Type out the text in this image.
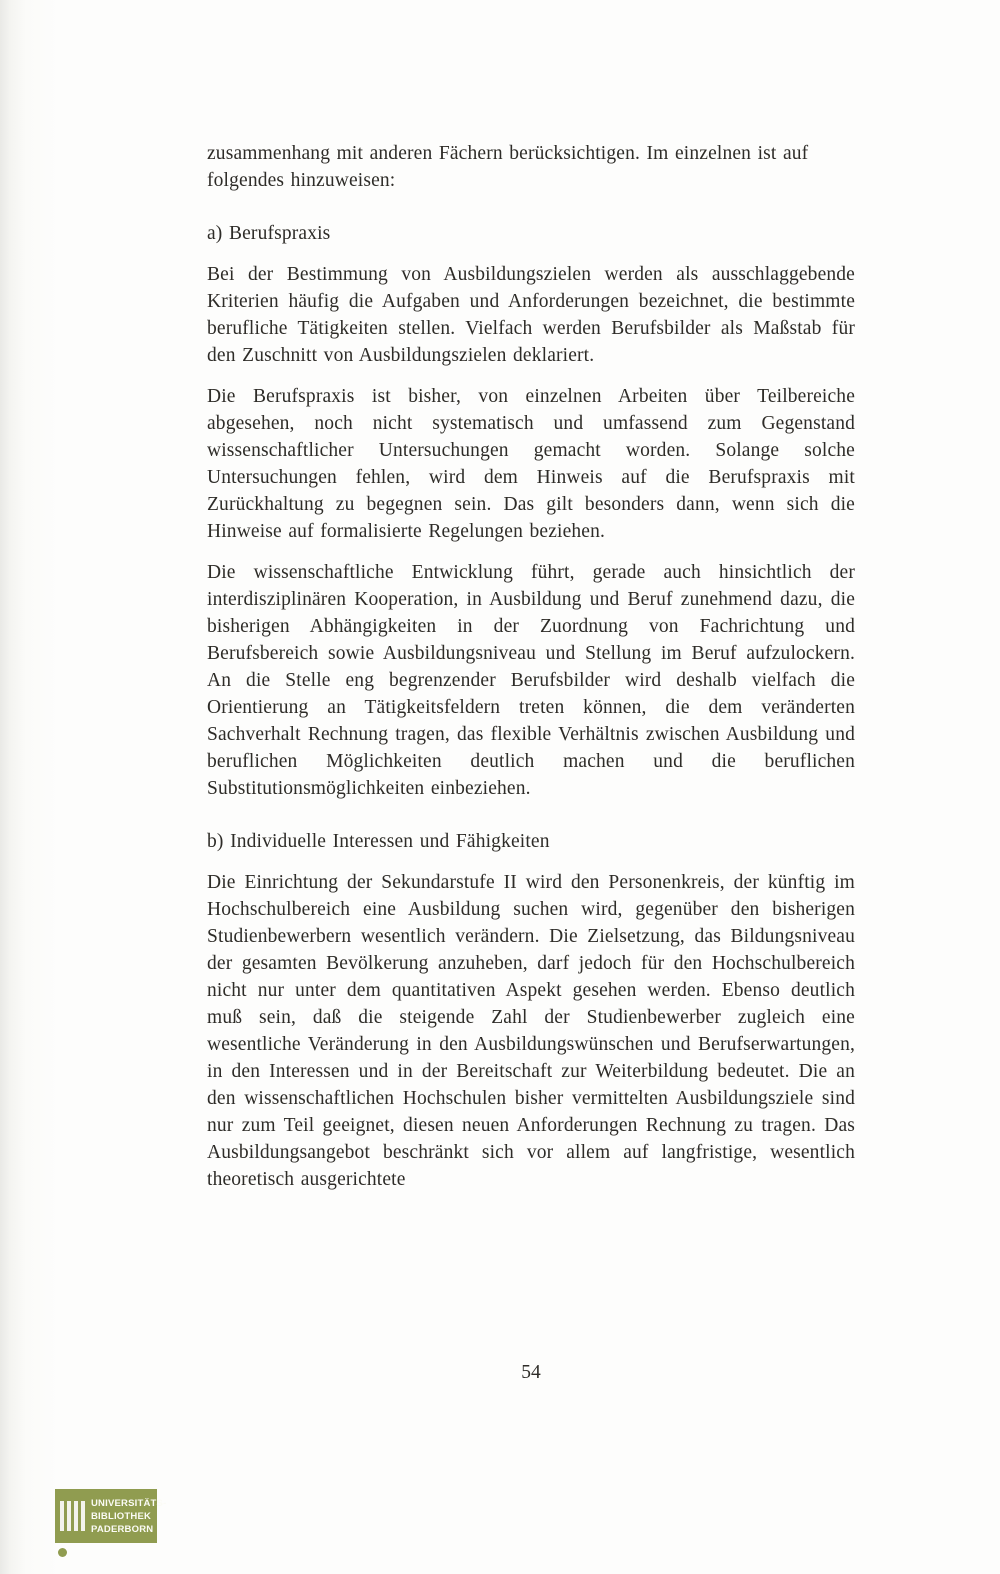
zusammenhang mit anderen Fächern berücksichtigen. Im einzelnen ist auf folgendes hinzuweisen:

a) Berufspraxis

Bei der Bestimmung von Ausbildungszielen werden als ausschlaggebende Kriterien häufig die Aufgaben und Anforderungen bezeichnet, die bestimmte berufliche Tätigkeiten stellen. Vielfach werden Berufsbilder als Maßstab für den Zuschnitt von Ausbildungszielen deklariert.

Die Berufspraxis ist bisher, von einzelnen Arbeiten über Teilbereiche abgesehen, noch nicht systematisch und umfassend zum Gegenstand wissenschaftlicher Untersuchungen gemacht worden. Solange solche Untersuchungen fehlen, wird dem Hinweis auf die Berufspraxis mit Zurückhaltung zu begegnen sein. Das gilt besonders dann, wenn sich die Hinweise auf formalisierte Regelungen beziehen.

Die wissenschaftliche Entwicklung führt, gerade auch hinsichtlich der interdisziplinären Kooperation, in Ausbildung und Beruf zunehmend dazu, die bisherigen Abhängigkeiten in der Zuordnung von Fachrichtung und Berufsbereich sowie Ausbildungsniveau und Stellung im Beruf aufzulockern. An die Stelle eng begrenzender Berufsbilder wird deshalb vielfach die Orientierung an Tätigkeitsfeldern treten können, die dem veränderten Sachverhalt Rechnung tragen, das flexible Verhältnis zwischen Ausbildung und beruflichen Möglichkeiten deutlich machen und die beruflichen Substitutionsmöglichkeiten einbeziehen.

b) Individuelle Interessen und Fähigkeiten

Die Einrichtung der Sekundarstufe II wird den Personenkreis, der künftig im Hochschulbereich eine Ausbildung suchen wird, gegenüber den bisherigen Studienbewerbern wesentlich verändern. Die Zielsetzung, das Bildungsniveau der gesamten Bevölkerung anzuheben, darf jedoch für den Hochschulbereich nicht nur unter dem quantitativen Aspekt gesehen werden. Ebenso deutlich muß sein, daß die steigende Zahl der Studienbewerber zugleich eine wesentliche Veränderung in den Ausbildungswünschen und Berufserwartungen, in den Interessen und in der Bereitschaft zur Weiterbildung bedeutet. Die an den wissenschaftlichen Hochschulen bisher vermittelten Ausbildungsziele sind nur zum Teil geeignet, diesen neuen Anforderungen Rechnung zu tragen. Das Ausbildungsangebot beschränkt sich vor allem auf langfristige, wesentlich theoretisch ausgerichtete

54
UNIVERSITÄTS-
BIBLIOTHEK
PADERBORN
